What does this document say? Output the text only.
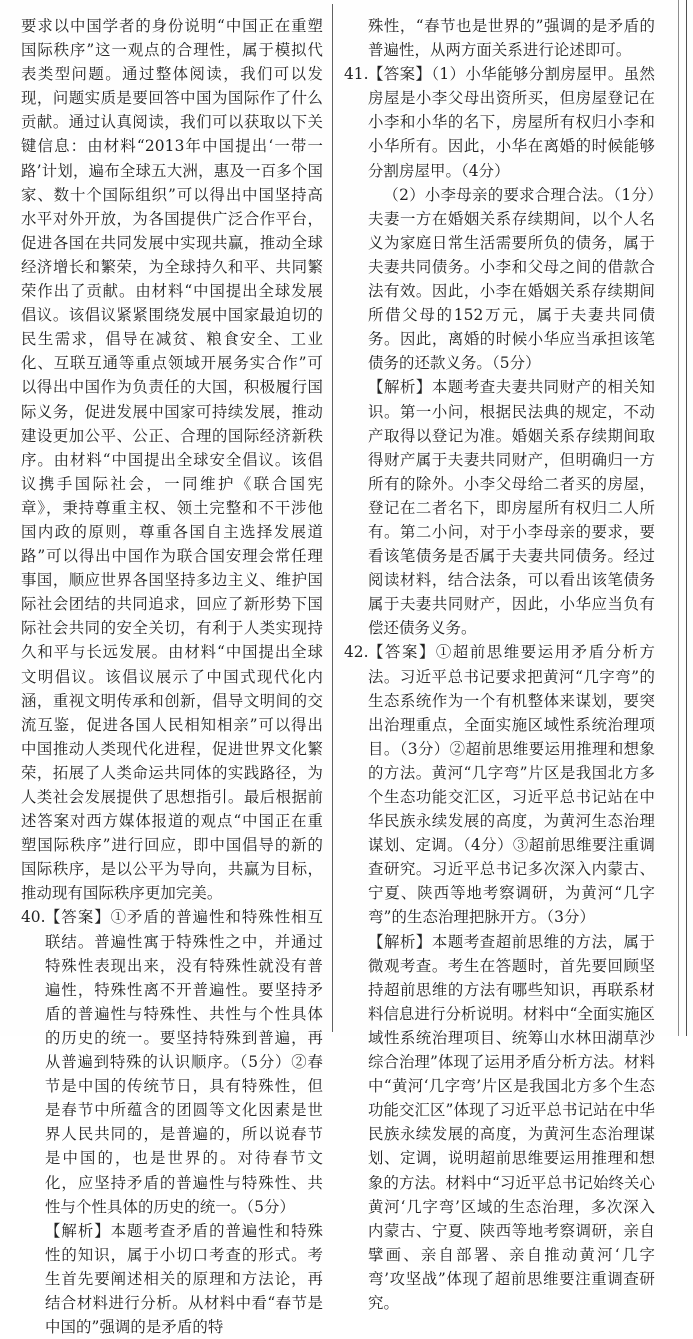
要求以中国学者的身份说明“中国正在重塑国际秩序”这一观点的合理性，属于模拟代表类型问题。通过整体阅读，我们可以发现，问题实质是要回答中国为国际作了什么贡献。通过认真阅读，我们可以获取以下关键信息：由材料“2013年中国提出‘一带一路’计划，遍布全球五大洲，惠及一百多个国家、数十个国际组织”可以得出中国坚持高水平对外开放，为各国提供广泛合作平台，促进各国在共同发展中实现共赢，推动全球经济增长和繁荣，为全球持久和平、共同繁荣作出了贡献。由材料“中国提出全球发展倡议。该倡议紧紧围绕发展中国家最迫切的民生需求，倡导在减贫、粮食安全、工业化、互联互通等重点领域开展务实合作”可以得出中国作为负责任的大国，积极履行国际义务，促进发展中国家可持续发展，推动建设更加公平、公正、合理的国际经济新秩序。由材料“中国提出全球安全倡议。该倡议携手国际社会，一同维护《联合国宪章》，秉持尊重主权、领土完整和不干涉他国内政的原则，尊重各国自主选择发展道路”可以得出中国作为联合国安理会常任理事国，顺应世界各国坚持多边主义、维护国际社会团结的共同追求，回应了新形势下国际社会共同的安全关切，有利于人类实现持久和平与长远发展。由材料“中国提出全球文明倡议。该倡议展示了中国式现代化内涵，重视文明传承和创新，倡导文明间的交流互鉴，促进各国人民相知相亲”可以得出中国推动人类现代化进程，促进世界文化繁荣，拓展了人类命运共同体的实践路径，为人类社会发展提供了思想指引。最后根据前述答案对西方媒体报道的观点“中国正在重塑国际秩序”进行回应，即中国倡导的新的国际秩序，是以公平为导向，共赢为目标，推动现有国际秩序更加完美。

40. 【答案】①矛盾的普遍性和特殊性相互联结。普遍性寓于特殊性之中，并通过特殊性表现出来，没有特殊性就没有普遍性，特殊性离不开普遍性。要坚持矛盾的普遍性与特殊性、共性与个性具体的历史的统一。要坚持特殊到普遍，再从普遍到特殊的认识顺序。（5分）②春节是中国的传统节日，具有特殊性，但是春节中所蕴含的团圆等文化因素是世界人民共同的，是普遍的，所以说春节是中国的，也是世界的。对待春节文化，应坚持矛盾的普遍性与特殊性、共性与个性具体的历史的统一。（5分）

【解析】本题考查矛盾的普遍性和特殊性的知识，属于小切口考查的形式。考生首先要阐述相关的原理和方法论，再结合材料进行分析。从材料中看“春节是中国的”强调的是矛盾的特

殊性，“春节也是世界的”强调的是矛盾的普遍性，从两方面关系进行论述即可。

41. 【答案】（1）小华能够分割房屋甲。虽然房屋是小李父母出资所买，但房屋登记在小李和小华的名下，房屋所有权归小李和小华所有。因此，小华在离婚的时候能够分割房屋甲。（4分）

（2）小李母亲的要求合理合法。（1分）夫妻一方在婚姻关系存续期间，以个人名义为家庭日常生活需要所负的债务，属于夫妻共同债务。小李和父母之间的借款合法有效。因此，小李在婚姻关系存续期间所借父母的152万元，属于夫妻共同债务。因此，离婚的时候小华应当承担该笔债务的还款义务。（5分）

【解析】本题考查夫妻共同财产的相关知识。第一小问，根据民法典的规定，不动产取得以登记为准。婚姻关系存续期间取得财产属于夫妻共同财产，但明确归一方所有的除外。小李父母给二者买的房屋，登记在二者名下，即房屋所有权归二人所有。第二小问，对于小李母亲的要求，要看该笔债务是否属于夫妻共同债务。经过阅读材料，结合法条，可以看出该笔债务属于夫妻共同财产，因此，小华应当负有偿还债务义务。

42. 【答案】①超前思维要运用矛盾分析方法。习近平总书记要求把黄河“几字弯”的生态系统作为一个有机整体来谋划，要突出治理重点，全面实施区域性系统治理项目。（3分）②超前思维要运用推理和想象的方法。黄河“几字弯”片区是我国北方多个生态功能交汇区，习近平总书记站在中华民族永续发展的高度，为黄河生态治理谋划、定调。（4分）③超前思维要注重调查研究。习近平总书记多次深入内蒙古、宁夏、陕西等地考察调研，为黄河“几字弯”的生态治理把脉开方。（3分）

【解析】本题考查超前思维的方法，属于微观考查。考生在答题时，首先要回顾坚持超前思维的方法有哪些知识，再联系材料信息进行分析说明。材料中“全面实施区域性系统治理项目、统筹山水林田湖草沙综合治理”体现了运用矛盾分析方法。材料中“黄河‘几字弯’片区是我国北方多个生态功能交汇区”体现了习近平总书记站在中华民族永续发展的高度，为黄河生态治理谋划、定调，说明超前思维要运用推理和想象的方法。材料中“习近平总书记始终关心黄河‘几字弯’区域的生态治理，多次深入内蒙古、宁夏、陕西等地考察调研，亲自擘画、亲自部署、亲自推动黄河‘几字弯’攻坚战”体现了超前思维要注重调查研究。
